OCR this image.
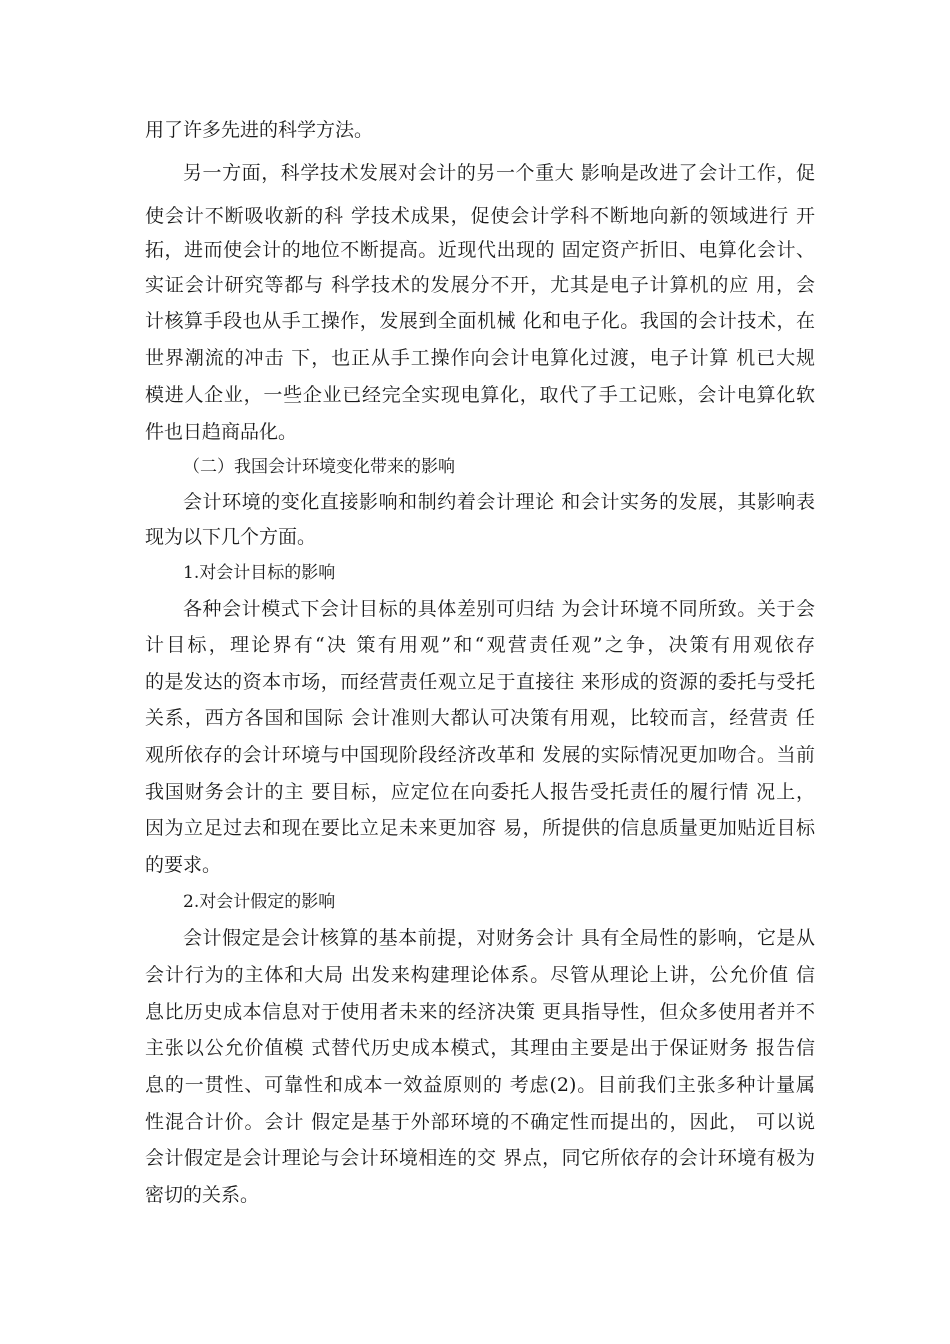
用了许多先进的科学方法。
另一方面，科学技术发展对会计的另一个重大 影响是改进了会计工作，促
使会计不断吸收新的科 学技术成果，促使会计学科不断地向新的领域进行 开
拓，进而使会计的地位不断提高。近现代出现的 固定资产折旧、电算化会计、
实证会计研究等都与 科学技术的发展分不开，尤其是电子计算机的应 用，会
计核算手段也从手工操作，发展到全面机械 化和电子化。我国的会计技术，在
世界潮流的冲击 下，也正从手工操作向会计电算化过渡，电子计算 机已大规
模进人企业，一些企业已经完全实现电算化，取代了手工记账，会计电算化软
件也日趋商品化。
（二）我国会计环境变化带来的影响
会计环境的变化直接影响和制约着会计理论 和会计实务的发展，其影响表
现为以下几个方面。
1.对会计目标的影响
各种会计模式下会计目标的具体差别可归结 为会计环境不同所致。关于会
计目标，理论界有“决 策有用观”和“观营责任观”之争，决策有用观依存
的是发达的资本市场，而经营责任观立足于直接往 来形成的资源的委托与受托
关系，西方各国和国际 会计准则大都认可决策有用观，比较而言，经营责 任
观所依存的会计环境与中国现阶段经济改革和 发展的实际情况更加吻合。当前
我国财务会计的主 要目标，应定位在向委托人报告受托责任的履行情 况上，
因为立足过去和现在要比立足未来更加容 易，所提供的信息质量更加贴近目标
的要求。
2.对会计假定的影响
会计假定是会计核算的基本前提，对财务会计 具有全局性的影响，它是从
会计行为的主体和大局 出发来构建理论体系。尽管从理论上讲，公允价值 信
息比历史成本信息对于使用者未来的经济决策 更具指导性，但众多使用者并不
主张以公允价值模 式替代历史成本模式，其理由主要是出于保证财务 报告信
息的一贯性、可靠性和成本一效益原则的 考虑(2)。目前我们主张多种计量属
性混合计价。会计 假定是基于外部环境的不确定性而提出的，因此， 可以说
会计假定是会计理论与会计环境相连的交 界点，同它所依存的会计环境有极为
密切的关系。
